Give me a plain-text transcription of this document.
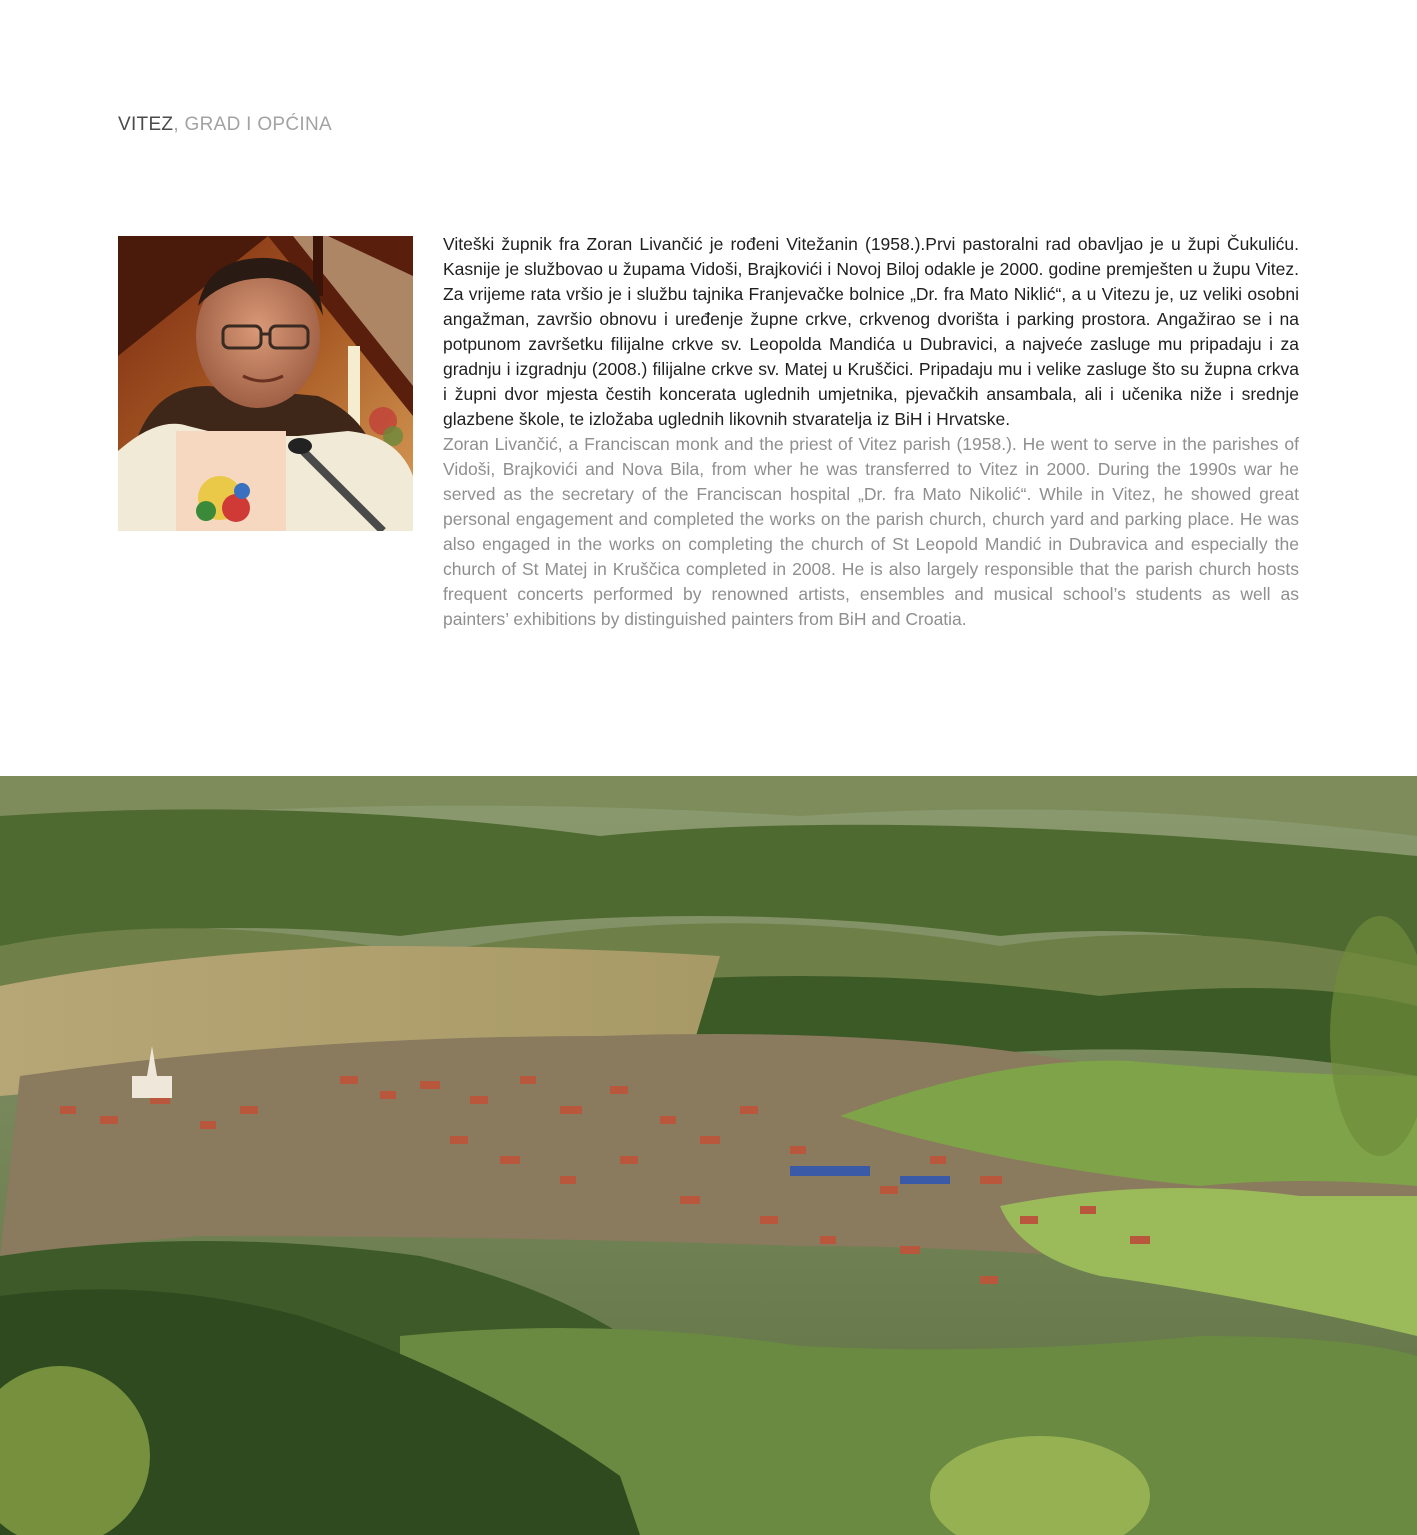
VITEZ, GRAD I OPĆINA

Viteški župnik fra Zoran Livančić je rođeni Vitežanin (1958.).Prvi pastoralni rad obavljao je u župi Čukuliću. Kasnije je službovao u župama Vidoši, Brajkovići i Novoj Biloj odakle je 2000. godine premješten u župu Vitez. Za vrijeme rata vršio je i službu tajnika Franjevačke bolnice „Dr. fra Mato Niklić“, a u Vitezu je, uz veliki osobni angažman, završio obnovu i uređenje župne crkve, crkvenog dvorišta i parking prostora. Angažirao se i na potpunom završetku filijalne crkve sv. Leopolda Mandića u Dubravici, a najveće zasluge mu pripadaju i za gradnju i izgradnju (2008.) filijalne crkve sv. Matej u Kruščici. Pripadaju mu i velike zasluge što su župna crkva i župni dvor mjesta čestih koncerata uglednih umjetnika, pjevačkih ansambala, ali i učenika niže i srednje glazbene škole, te izložaba uglednih likovnih stvaratelja iz BiH i Hrvatske.

Zoran Livančić, a Franciscan monk and the priest of Vitez parish (1958.). He went to serve in the parishes of Vidoši, Brajkovići and Nova Bila, from wher he was transferred to Vitez in 2000. During the 1990s war he served as the secretary of the Franciscan hospital „Dr. fra Mato Nikolić“. While in Vitez, he showed great personal engagement and completed the works on the parish church, church yard and parking place. He was also engaged in the works on completing the church of St Leopold Mandić in Dubravica and especially the church of St Matej in Kruščica completed in 2008. He is also largely responsible that the parish church hosts frequent concerts performed by renowned artists, ensembles and musical school’s students as well as painters’ exhibitions by distinguished painters from BiH and Croatia.
